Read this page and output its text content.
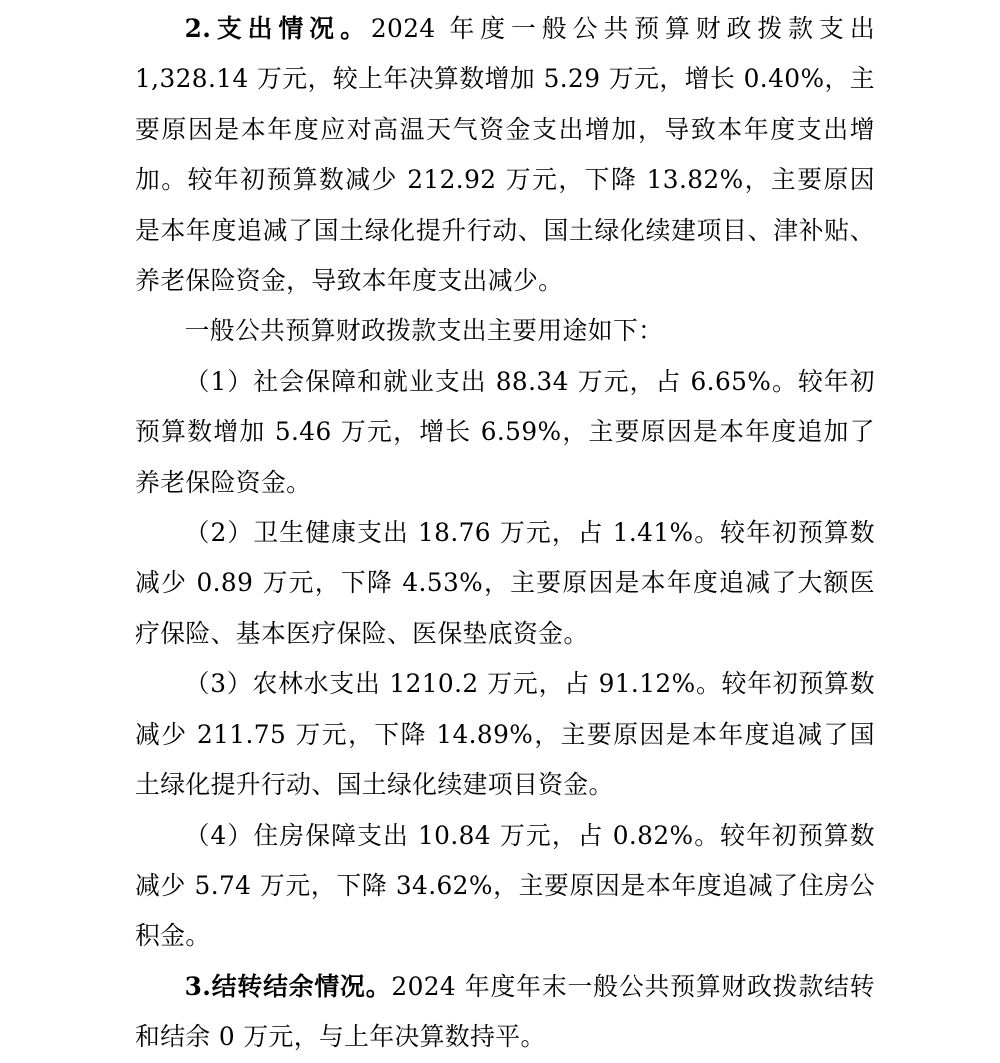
2.支出情况。2024 年度一般公共预算财政拨款支出 1,328.14 万元，较上年决算数增加 5.29 万元，增长 0.40%，主要原因是本年度应对高温天气资金支出增加，导致本年度支出增加。较年初预算数减少 212.92 万元，下降 13.82%，主要原因是本年度追减了国土绿化提升行动、国土绿化续建项目、津补贴、养老保险资金，导致本年度支出减少。

一般公共预算财政拨款支出主要用途如下：

（1）社会保障和就业支出 88.34 万元，占 6.65%。较年初预算数增加 5.46 万元，增长 6.59%，主要原因是本年度追加了养老保险资金。

（2）卫生健康支出 18.76 万元，占 1.41%。较年初预算数减少 0.89 万元，下降 4.53%，主要原因是本年度追减了大额医疗保险、基本医疗保险、医保垫底资金。

（3）农林水支出 1210.2 万元，占 91.12%。较年初预算数减少 211.75 万元，下降 14.89%，主要原因是本年度追减了国土绿化提升行动、国土绿化续建项目资金。

（4）住房保障支出 10.84 万元，占 0.82%。较年初预算数减少 5.74 万元，下降 34.62%，主要原因是本年度追减了住房公积金。

3.结转结余情况。2024 年度年末一般公共预算财政拨款结转和结余 0 万元，与上年决算数持平。
